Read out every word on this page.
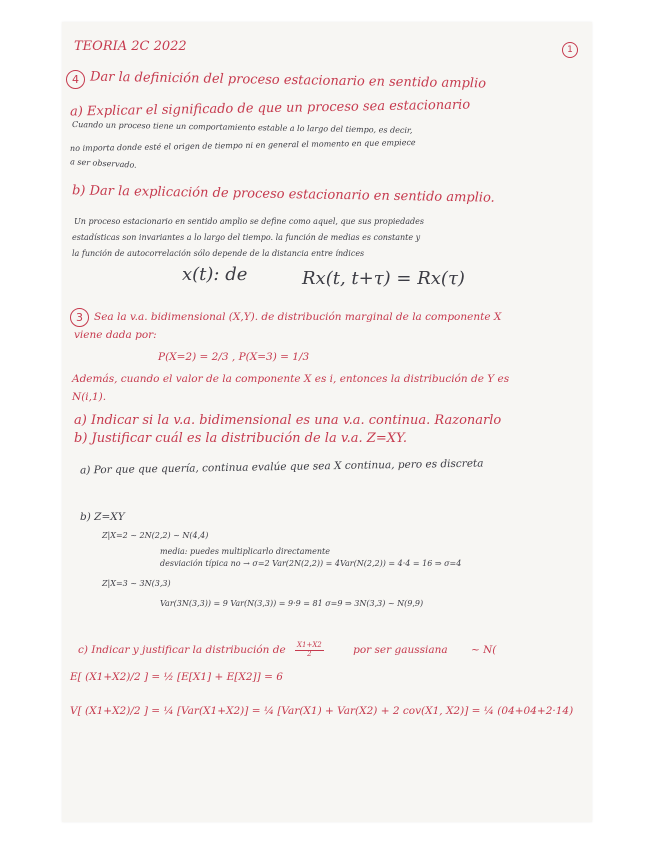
TEORIA 2C 2022	1
4 Dar la definición del proceso estacionario en sentido amplio
a) Explicar el significado de que un proceso sea estacionario
Cuando un proceso tiene un comportamiento estable a lo largo del tiempo, es decir,
no importa donde esté el origen de tiempo ni en general el momento en que empiece
a ser observado.
b) Dar la explicación de proceso estacionario en sentido amplio.
Un proceso estacionario en sentido amplio se define como aquel, que sus propiedades
estadísticas son invariantes a lo largo del tiempo. la función de medias es constante y
la función de autocorrelación sólo depende de la distancia entre índices
x(t): de	Rx(t, t+τ) = Rx(τ)
3	Sea la v.a. bidimensional (X,Y). de distribución marginal de la componente X
viene dada por:
P(X=2) = 2/3 , P(X=3) = 1/3
Además, cuando el valor de la componente X es i, entonces la distribución de Y es
N(i,1).
a) Indicar si la v.a. bidimensional es una v.a. continua. Razonarlo
b) Justificar cuál es la distribución de la v.a. Z=XY.
a) Por que que quería, continua evalúe que sea X continua, pero es discreta
b) Z=XY
Z|X=2 ~ 2N(2,2) ~ N(4,4)
media: puedes multiplicarlo directamente
desviación típica no → σ=2 Var(2N(2,2)) = 4Var(N(2,2)) = 4·4 = 16 ⇒ σ=4
Z|X=3 ~ 3N(3,3)
Var(3N(3,3)) = 9 Var(N(3,3)) = 9·9 = 81 σ=9 ⇒ 3N(3,3) ~ N(9,9)
c) Indicar y justificar la distribución de $\frac{X1+X2}{2}$	por ser gaussiana ~ N(
E[ (X1+X2)/2 ] = ½ [E[X1] + E[X2]] = 6
V[ (X1+X2)/2 ] = ¼ [Var(X1+X2)] = ¼ [Var(X1) + Var(X2) + 2 cov(X1, X2)] = ¼ (04+04+2·14)
